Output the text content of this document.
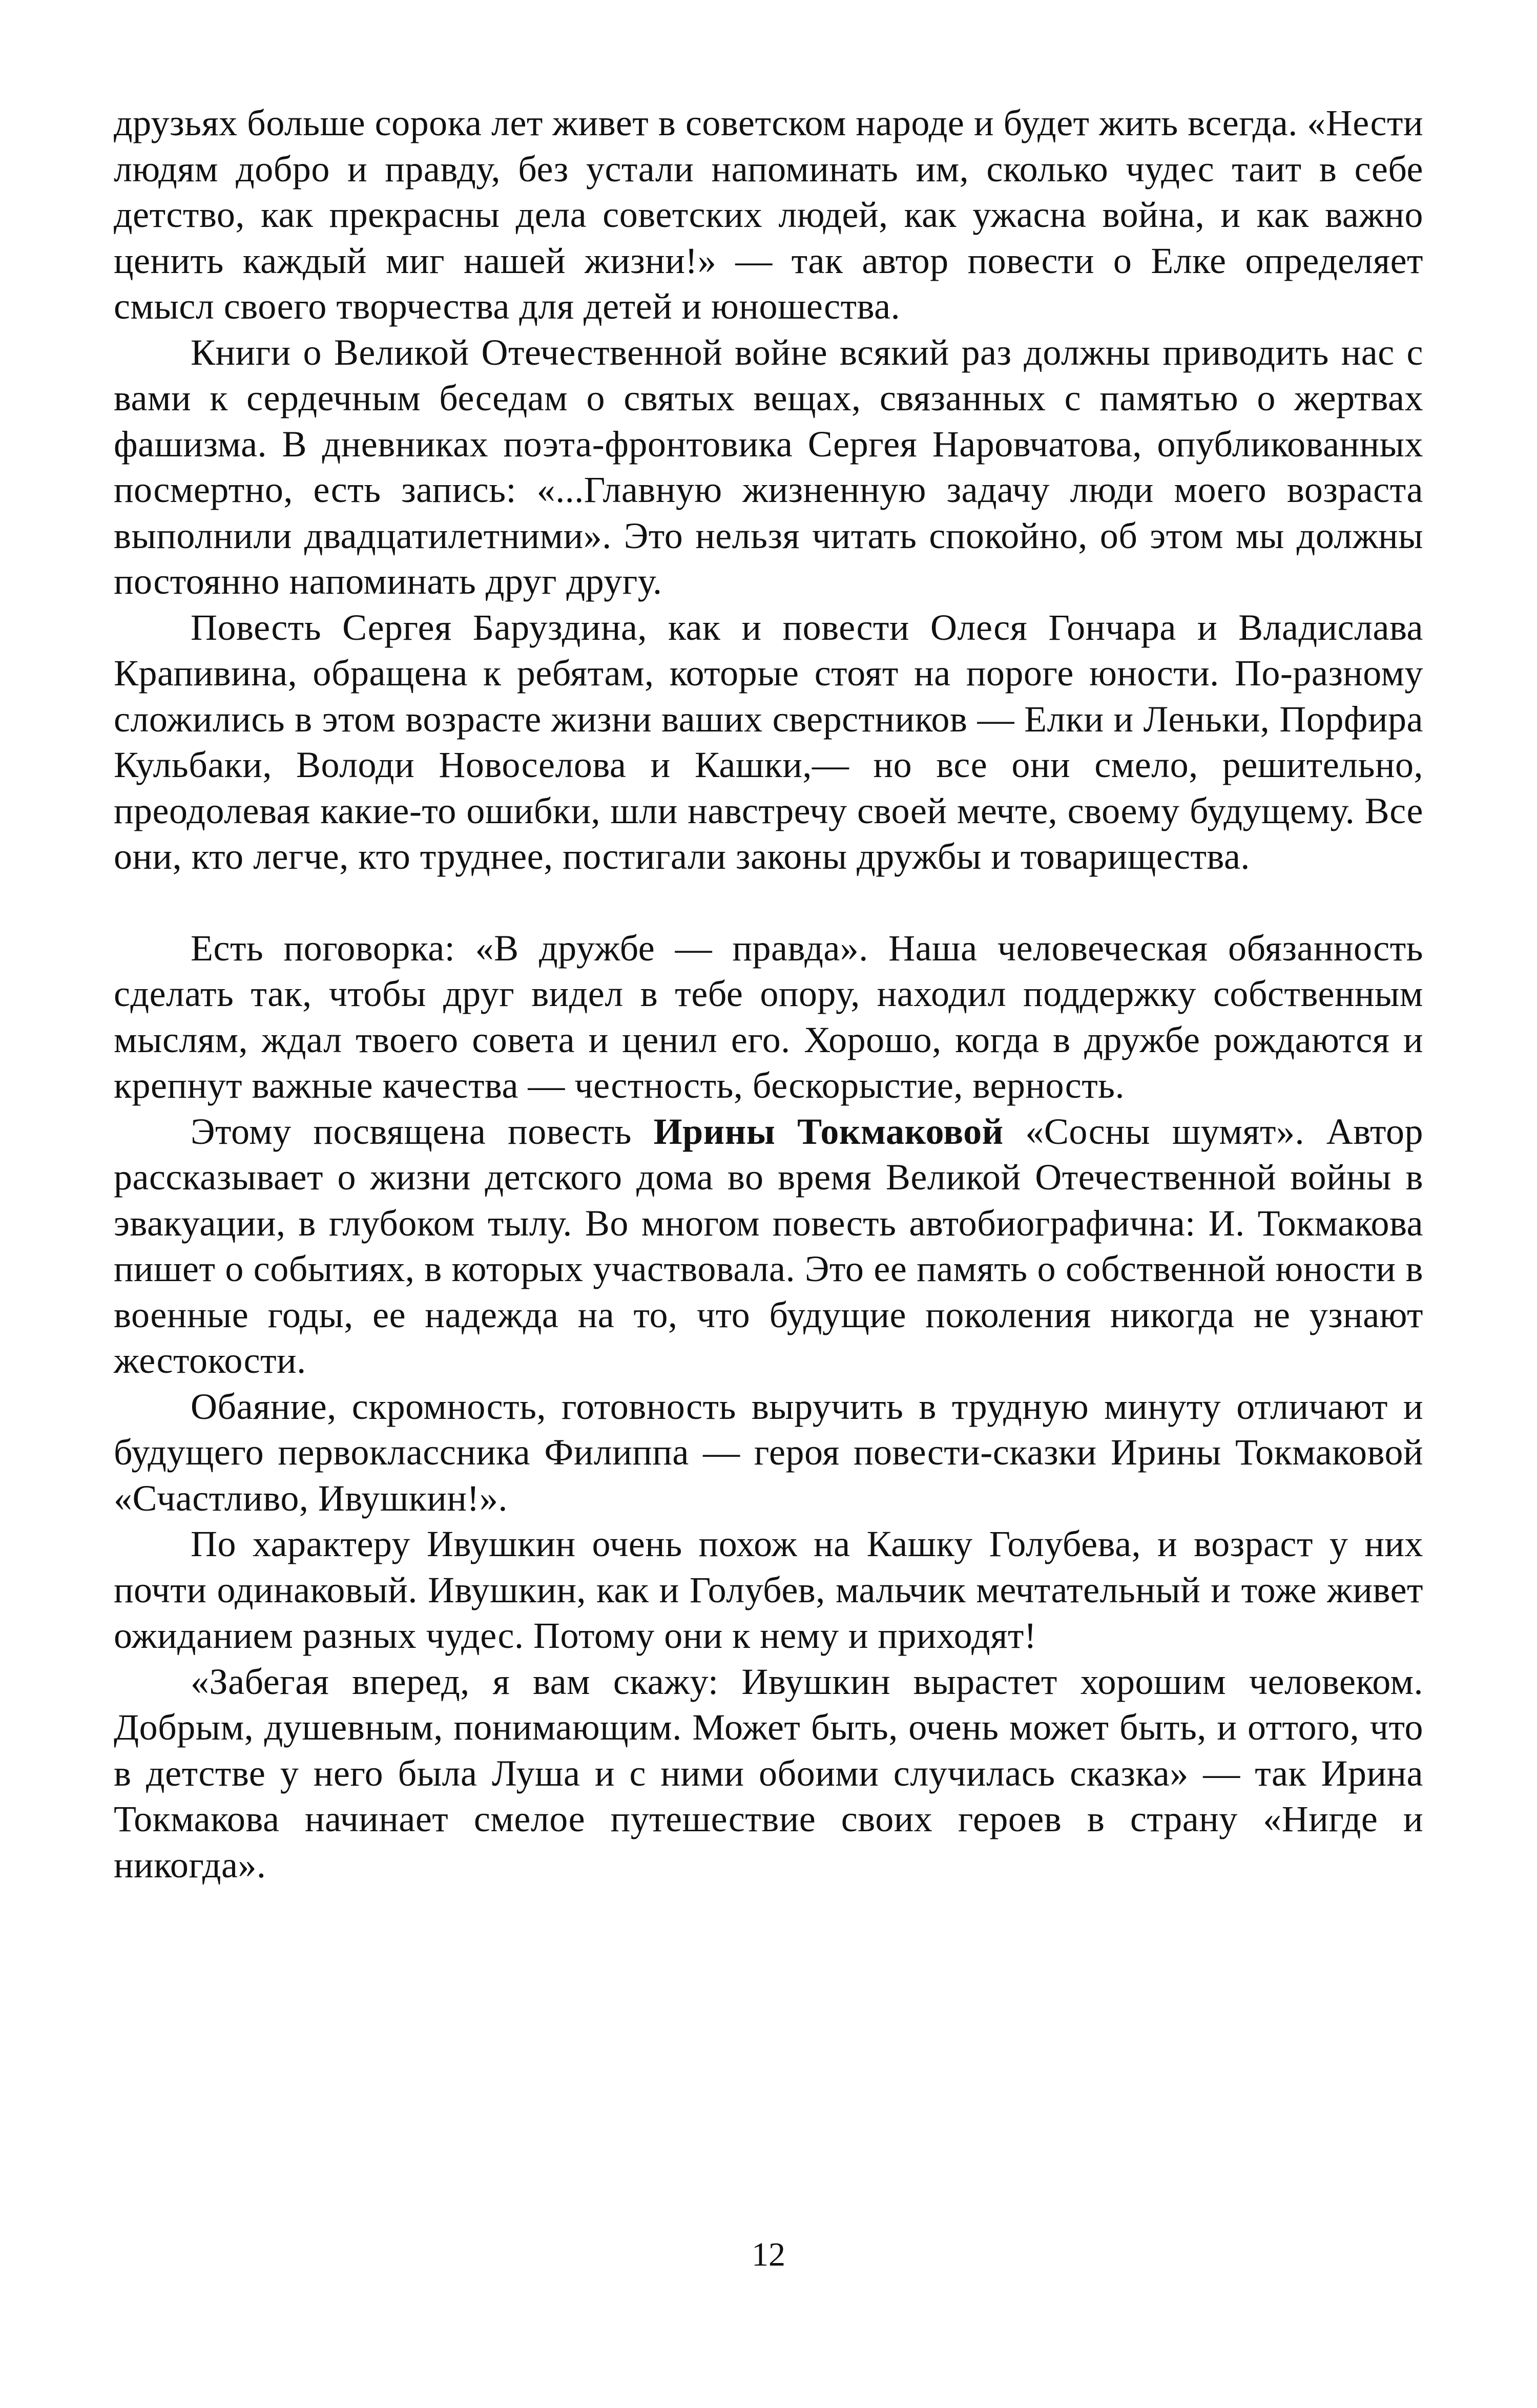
друзьях больше сорока лет живет в советском народе и будет жить всегда. «Нести людям добро и правду, без устали напоминать им, сколько чудес таит в себе детство, как прекрасны дела советских людей, как ужасна война, и как важно ценить каждый миг нашей жизни!» — так автор повести о Елке определяет смысл своего творчества для детей и юношества.

Книги о Великой Отечественной войне всякий раз должны приводить нас с вами к сердечным беседам о святых вещах, связанных с памятью о жертвах фашизма. В дневниках поэта-фронтовика Сергея Наровчатова, опубликованных посмертно, есть запись: «...Главную жизненную задачу люди моего возраста выполнили двадцатилетними». Это нельзя читать спокойно, об этом мы должны постоянно напоминать друг другу.

Повесть Сергея Баруздина, как и повести Олеся Гончара и Владислава Крапивина, обращена к ребятам, которые стоят на пороге юности. По-разному сложились в этом возрасте жизни ваших сверстников — Елки и Леньки, Порфира Кульбаки, Володи Новоселова и Кашки,— но все они смело, решительно, преодолевая какие-то ошибки, шли навстречу своей мечте, своему будущему. Все они, кто легче, кто труднее, постигали законы дружбы и товарищества.

Есть поговорка: «В дружбе — правда». Наша человеческая обязанность сделать так, чтобы друг видел в тебе опору, находил поддержку собственным мыслям, ждал твоего совета и ценил его. Хорошо, когда в дружбе рождаются и крепнут важные качества — честность, бескорыстие, верность.

Этому посвящена повесть Ирины Токмаковой «Сосны шумят». Автор рассказывает о жизни детского дома во время Великой Отечественной войны в эвакуации, в глубоком тылу. Во многом повесть автобиографична: И. Токмакова пишет о событиях, в которых участвовала. Это ее память о собственной юности в военные годы, ее надежда на то, что будущие поколения никогда не узнают жестокости.

Обаяние, скромность, готовность выручить в трудную минуту отличают и будущего первоклассника Филиппа — героя повести-сказки Ирины Токмаковой «Счастливо, Ивушкин!».

По характеру Ивушкин очень похож на Кашку Голубева, и возраст у них почти одинаковый. Ивушкин, как и Голубев, мальчик мечтательный и тоже живет ожиданием разных чудес. Потому они к нему и приходят!

«Забегая вперед, я вам скажу: Ивушкин вырастет хорошим человеком. Добрым, душевным, понимающим. Может быть, очень может быть, и оттого, что в детстве у него была Луша и с ними обоими случилась сказка» — так Ирина Токмакова начинает смелое путешествие своих героев в страну «Нигде и никогда».

12
